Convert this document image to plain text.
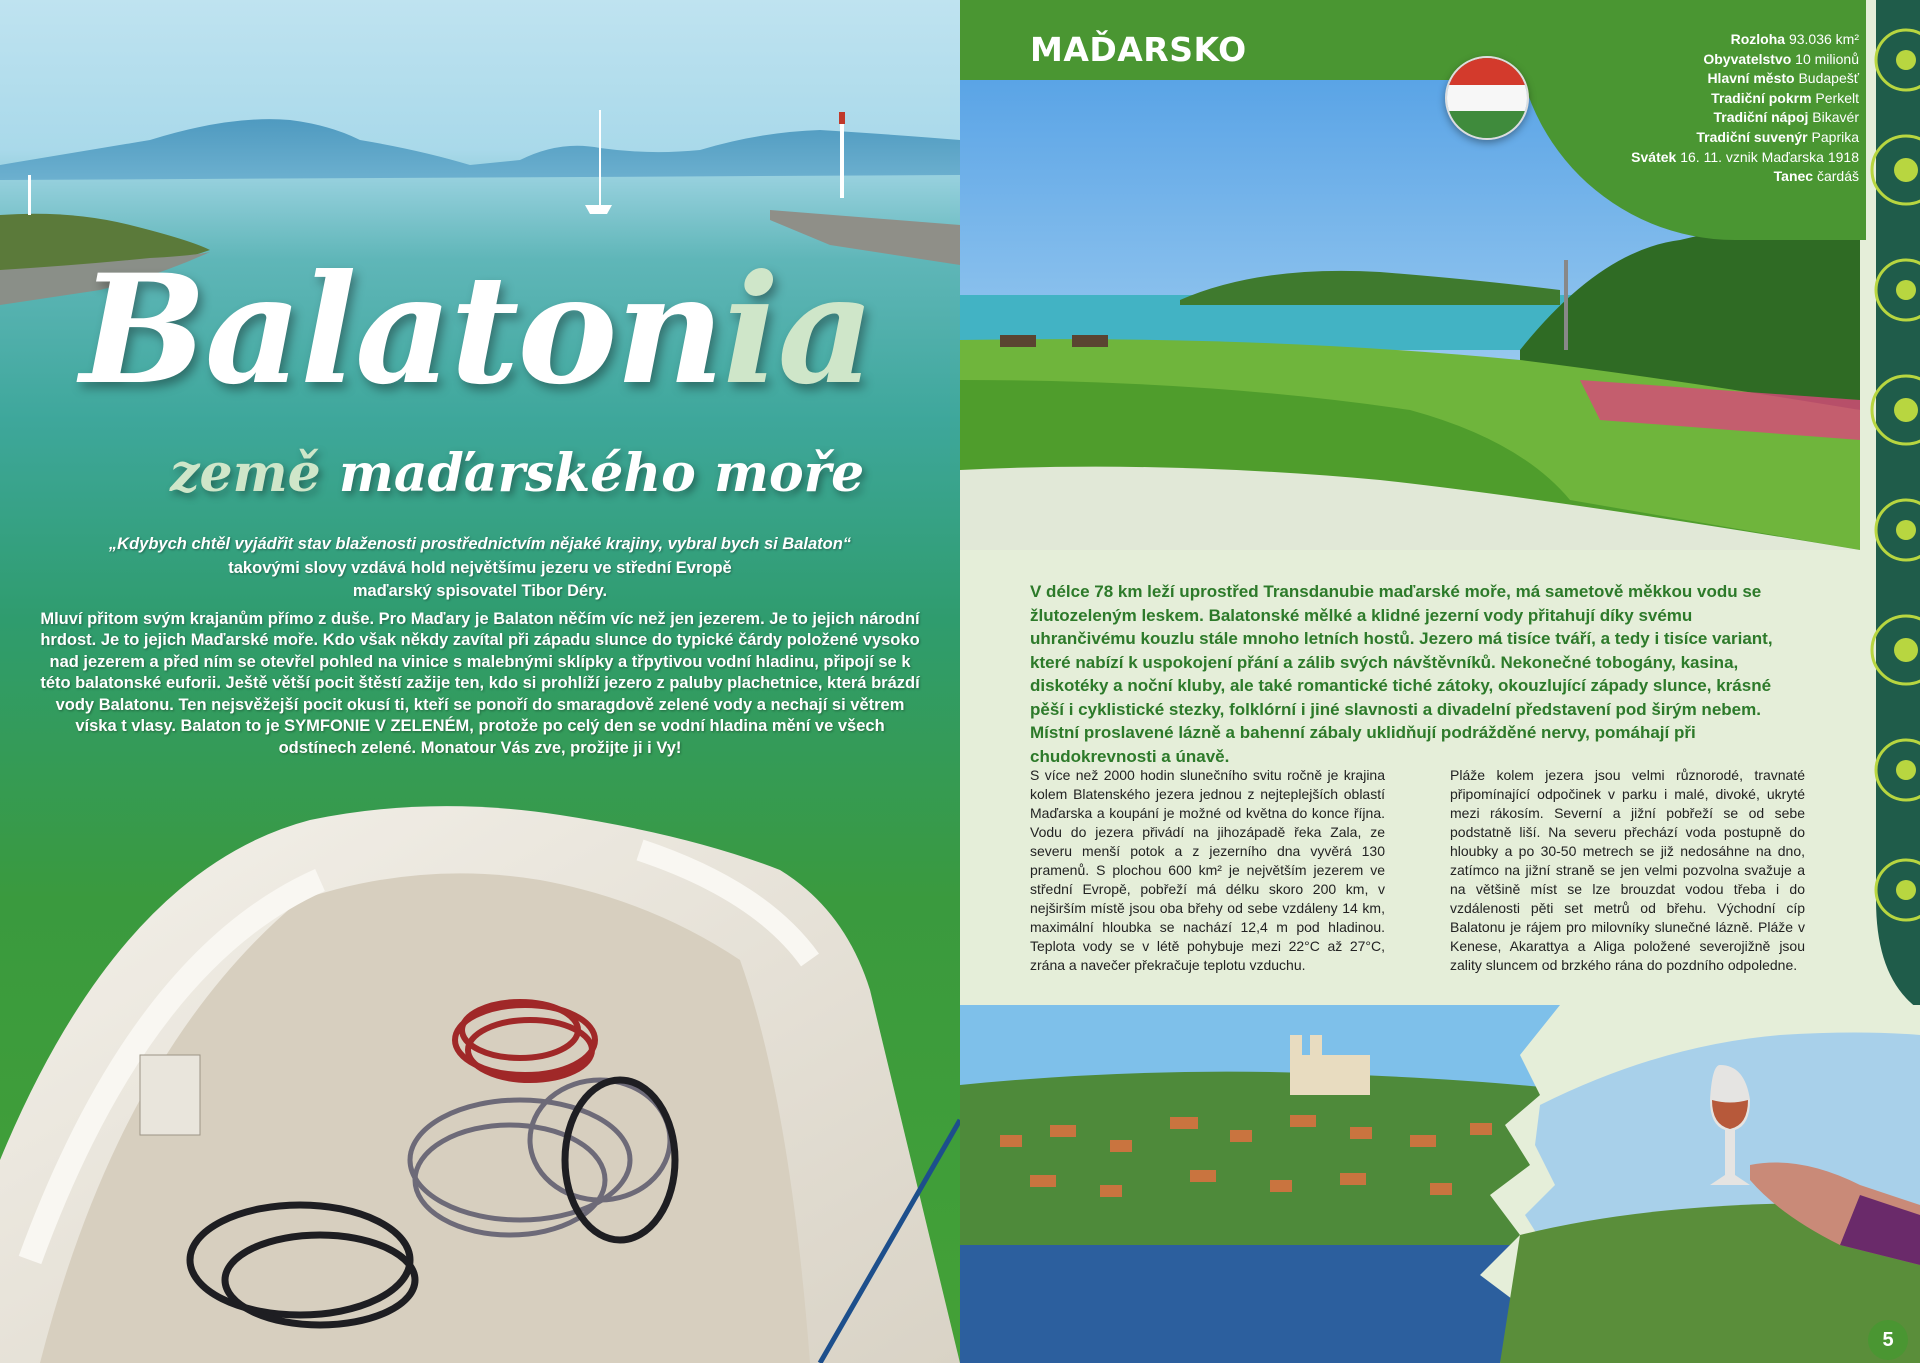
Balatonia
země maďarského moře

„Kdybych chtěl vyjádřit stav blaženosti prostřednictvím nějaké krajiny, vybral bych si Balaton“

takovými slovy vzdává hold největšímu jezeru ve střední Evropě

maďarský spisovatel Tibor Déry.

Mluví přitom svým krajanům přímo z duše. Pro Maďary je Balaton něčím víc než jen jezerem. Je to jejich národní hrdost. Je to jejich Maďarské moře. Kdo však někdy zavítal při západu slunce do typické čárdy položené vysoko nad jezerem a před ním se otevřel pohled na vinice s malebnými sklípky a třpytivou vodní hladinu, připojí se k této balatonské euforii. Ještě větší pocit štěstí zažije ten, kdo si prohlíží jezero z paluby plachetnice, která brázdí vody Balatonu. Ten nejsvěžejší pocit okusí ti, kteří se ponoří do smaragdově zelené vody a nechají si větrem víska t vlasy. Balaton to je SYMFONIE V ZELENÉM, protože po celý den se vodní hladina mění ve všech odstínech zelené. Monatour Vás zve, prožijte ji i Vy!

MAĎARSKO	Rozloha 93.036 km²
Obyvatelstvo 10 milionů
Hlavní město Budapešť
Tradiční pokrm Perkelt
Tradiční nápoj Bikavér
Tradiční suvenýr Paprika
Svátek 16. 11. vznik Maďarska 1918
Tanec čardáš
V délce 78 km leží uprostřed Transdanubie maďarské moře, má sametově měkkou vodu se žlutozeleným leskem. Balatonské mělké a klidné jezerní vody přitahují díky svému uhrančivému kouzlu stále mnoho letních hostů. Jezero má tisíce tváří, a tedy i tisíce variant, které nabízí k uspokojení přání a zálib svých návštěvníků. Nekonečné tobogány, kasina, diskotéky a noční kluby, ale také romantické tiché zátoky, okouzlující západy slunce, krásné pěší i cyklistické stezky, folklórní i jiné slavnosti a divadelní představení pod širým nebem. Místní proslavené lázně a bahenní zábaly uklidňují podrážděné nervy, pomáhají při chudokrevnosti a únavě.
S více než 2000 hodin slunečního svitu ročně je krajina kolem Blatenského jezera jednou z nejteplejších oblastí Maďarska a koupání je možné od května do konce října. Vodu do jezera přivádí na jihozápadě řeka Zala, ze severu menší potok a z jezerního dna vyvěrá 130 pramenů. S plochou 600 km² je největším jezerem ve střední Evropě, pobřeží má délku skoro 200 km, v nejširším místě jsou oba břehy od sebe vzdáleny 14 km, maximální hloubka se nachází 12,4 m pod hladinou. Teplota vody se v létě pohybuje mezi 22°C až 27°C, zrána a navečer překračuje teplotu vzduchu.
Pláže kolem jezera jsou velmi různorodé, travnaté připomínající odpočinek v parku i malé, divoké, ukryté mezi rákosím. Severní a jižní pobřeží se od sebe podstatně liší. Na severu přechází voda postupně do hloubky a po 30-50 metrech se již nedosáhne na dno, zatímco na jižní straně se jen velmi pozvolna svažuje a na většině míst se lze brouzdat vodou třeba i do vzdálenosti pěti set metrů od břehu. Východní cíp Balatonu je rájem pro milovníky slunečné lázně. Pláže v Kenese, Akarattya a Aliga položené severojižně jsou zality sluncem od brzkého rána do pozdního odpoledne.
5
